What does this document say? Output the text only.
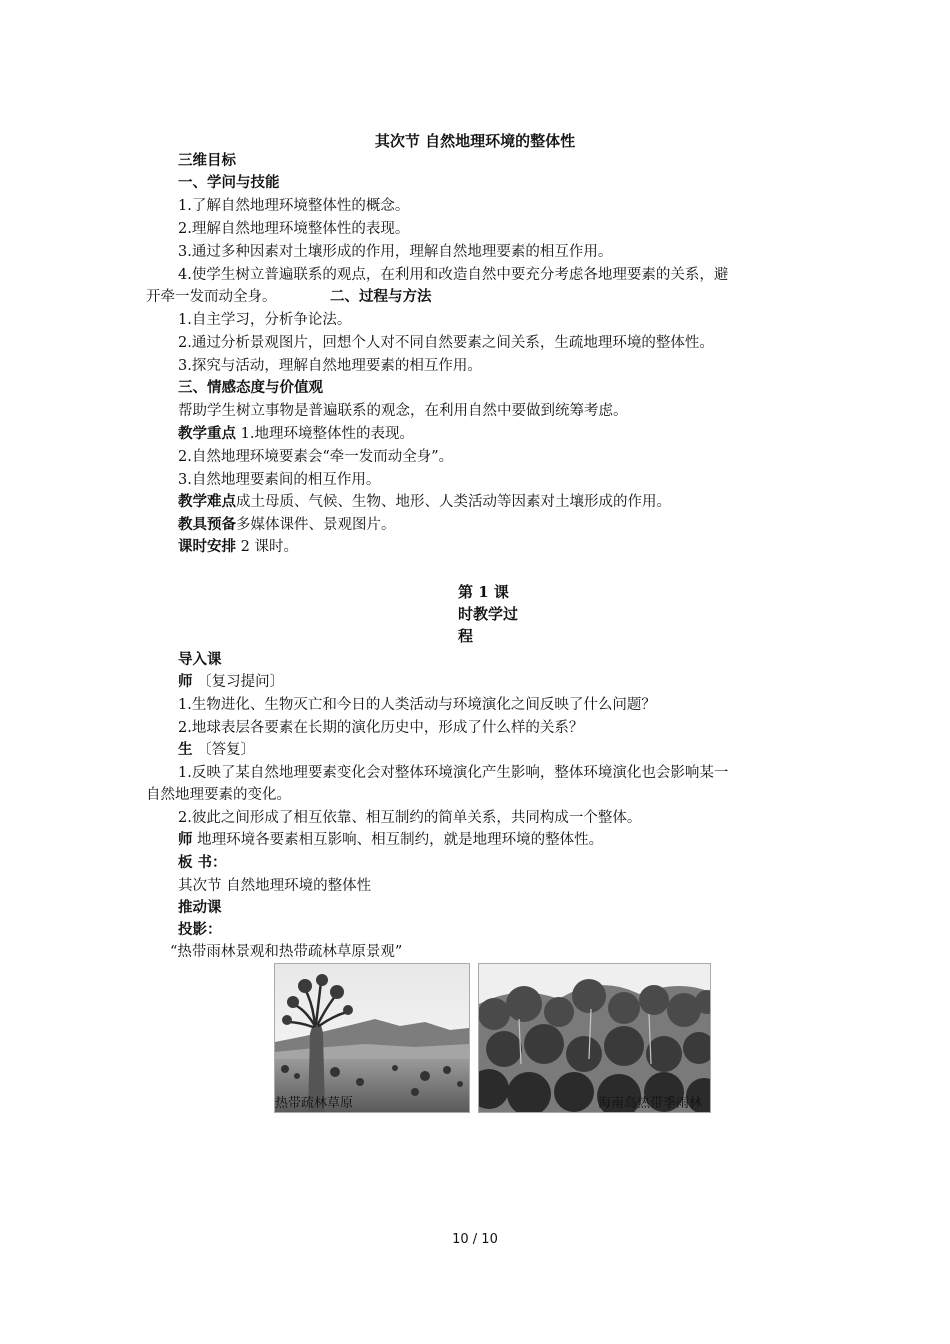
其次节 自然地理环境的整体性
三维目标
一、学问与技能
1.了解自然地理环境整体性的概念。
2.理解自然地理环境整体性的表现。
3.通过多种因素对土壤形成的作用，理解自然地理要素的相互作用。
4.使学生树立普遍联系的观点，在利用和改造自然中要充分考虑各地理要素的关系，避
开牵一发而动全身。	二、过程与方法
1.自主学习，分析争论法。
2.通过分析景观图片，回想个人对不同自然要素之间关系，生疏地理环境的整体性。
3.探究与活动，理解自然地理要素的相互作用。
三、情感态度与价值观
帮助学生树立事物是普遍联系的观念，在利用自然中要做到统筹考虑。
教学重点 1.地理环境整体性的表现。
2.自然地理环境要素会“牵一发而动全身”。
3.自然地理要素间的相互作用。
教学难点成土母质、气候、生物、地形、人类活动等因素对土壤形成的作用。
教具预备多媒体课件、景观图片。
课时安排 2 课时。
第 1 课
时教学过
程
导入课
师 〔复习提问〕
1.生物进化、生物灭亡和今日的人类活动与环境演化之间反映了什么问题？
2.地球表层各要素在长期的演化历史中，形成了什么样的关系？
生 〔答复〕
1.反映了某自然地理要素变化会对整体环境演化产生影响，整体环境演化也会影响某一
自然地理要素的变化。
2.彼此之间形成了相互依靠、相互制约的简单关系，共同构成一个整体。
师 地理环境各要素相互影响、相互制约，就是地理环境的整体性。
板 书：
其次节 自然地理环境的整体性
推动课
投影：
“热带雨林景观和热带疏林草原景观”
热带疏林草原	海南岛热带季雨林
10 / 10
